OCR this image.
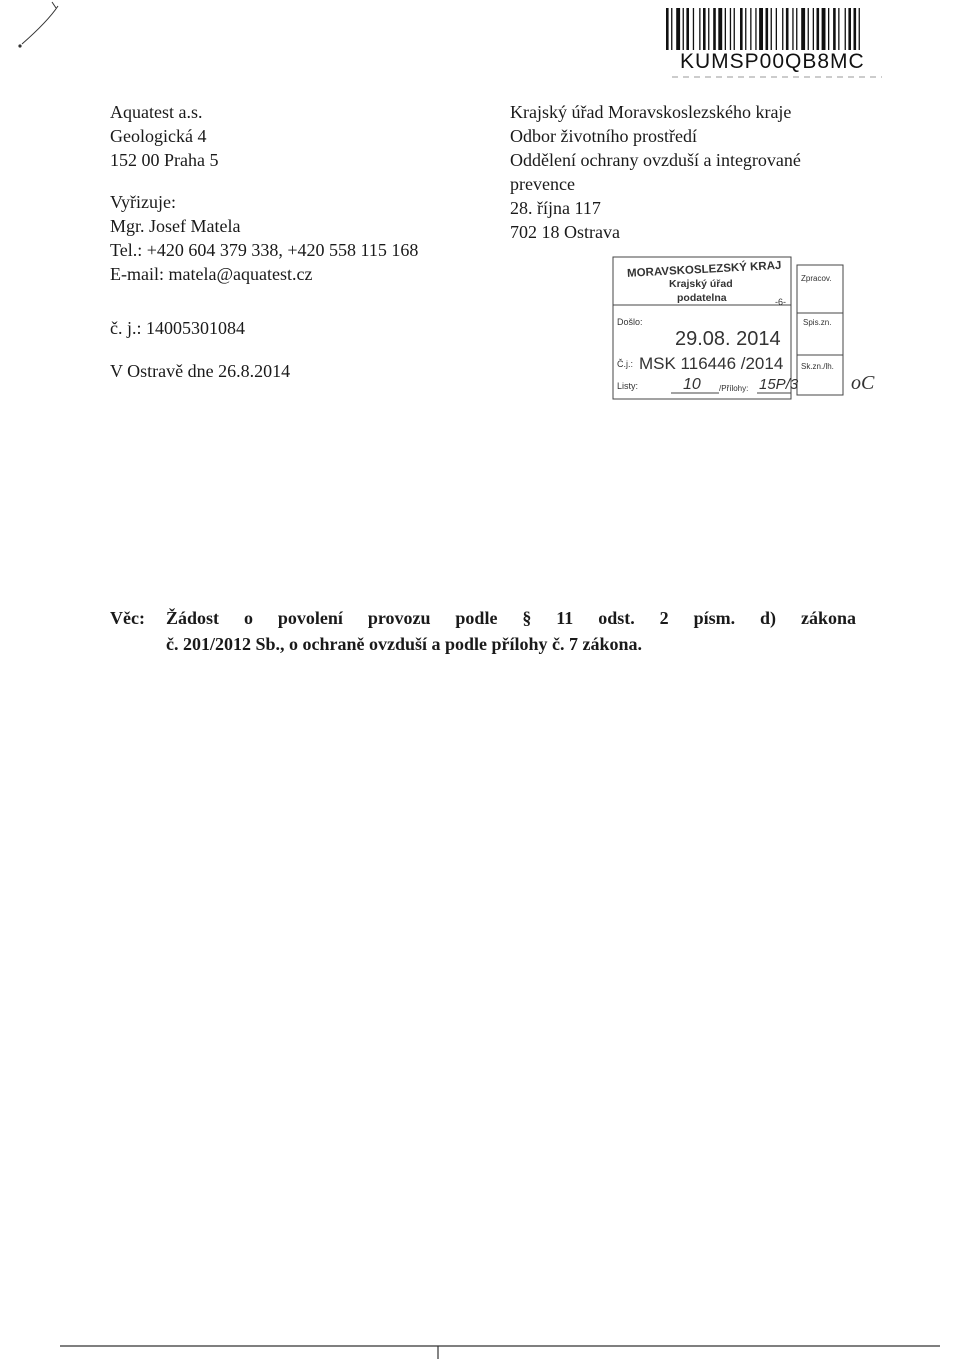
KUMSP00QB8MC
Aquatest a.s.
Geologická 4
152 00 Praha 5
Vyřizuje:
Mgr. Josef Matela
Tel.: +420 604 379 338, +420 558 115 168
E-mail: matela@aquatest.cz
č. j.: 14005301084
V Ostravě dne 26.8.2014
Krajský úřad Moravskoslezského kraje
Odbor životního prostředí
Oddělení ochrany ovzduší a integrované
prevence
28. října 117
702 18 Ostrava
MORAVSKOSLEZSKÝ KRAJ
Krajský úřad
podatelna	-6-
Zpracov.
Došlo:
29.08. 2014
Spis.zn.
Č.j.: MSK 116446 /2014 Sk.zn./lh.
Listy:	10 /Přílohy: 15P/3	oC
Věc: Žádost o povolení provozu podle § 11 odst. 2 písm. d) zákona
č. 201/2012 Sb., o ochraně ovzduší a podle přílohy č. 7 zákona.
